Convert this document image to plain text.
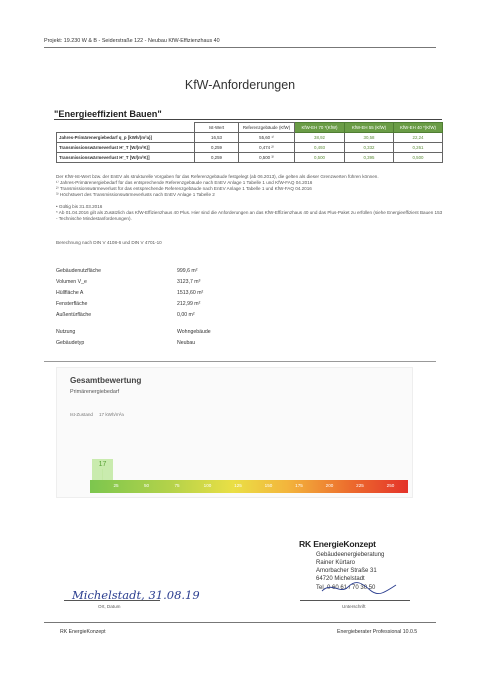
Projekt: 19.230 W & B - Seiderstraße 122 - Neubau KfW-Effizienzhaus 40
KfW-Anforderungen
"Energieeffizient Bauen"
	Ist-Wert	Referenzgebäude (KfW)	KfW-EH 70 *(KfW)	KfW-EH 55 (KfW)	KfW-EH 40 *(KfW)
Jahres-Primärenergiebedarf q_p [kWh/(m²a)]	16,53	55,60 ¹⁾	38,92	30,58	22,24
Transmissionswärmeverlust H'_T [W/(m²K)]	0,259	0,474 ²⁾	0,493	0,332	0,261
Transmissionswärmeverlust H'_T [W/(m²K)]	0,259	0,500 ³⁾	0,500	0,395	0,500
Der KfW-Ist-Wert bzw. der EnEV als strukturelle Vorgaben für das Referenzgebäude festgelegt (ab 06.2013), die gelten als dieser Grenzwerten führen können.
¹⁾ Jahres-Primärenergiebedarf für das entsprechende Referenzgebäude nach EnEV Anlage 1 Tabelle 1 und KfW-FAQ 04.2016
²⁾ Transmissionswärmeverlust für das entsprechende Referenzgebäude nach EnEV Anlage 1 Tabelle 1 und KfW-FAQ 04.2016
³⁾ Höchstwert des Transmissionswärmeverlusts nach EnEV Anlage 1 Tabelle 2
• Gültig bis 31.03.2016
* Ab 01.04.2016 gilt als Zusätzlich das KfW-Effizienzhaus 40 Plus. Hier sind die Anforderungen an das KfW-Effizienzhaus 40 und das Plus-Paket zu erfüllen (siehe Energieeffizient Bauen 153 - Technische Mindestanforderungen).
Berechnung nach DIN V 4108-6 und DIN V 4701-10
Gebäudenutzfläche	999,6 m²
Volumen V_e	3123,7 m³
Hüllfläche A	1513,60 m²
Fensterfläche	212,99 m²
Außentürfläche	0,00 m²
Nutzung	Wohngebäude
Gebäudetyp	Neubau
Gesamtbewertung
Primärenergiebedarf
Ist-Zustand 17 kWh/m²a
17
25	50	75	100	125	150	175	200	225	250
RK EnergieKonzept
Gebäudeenergieberatung
Rainer Kürtaro
Amorbacher Straße 31
64720 Michelstadt
Tel. 0 60 61 / 70 30 50
Michelstadt, 31.08.19
Ort, Datum	Unterschrift
RK EnergieKonzept	Energieberater Professional 10.0.5
